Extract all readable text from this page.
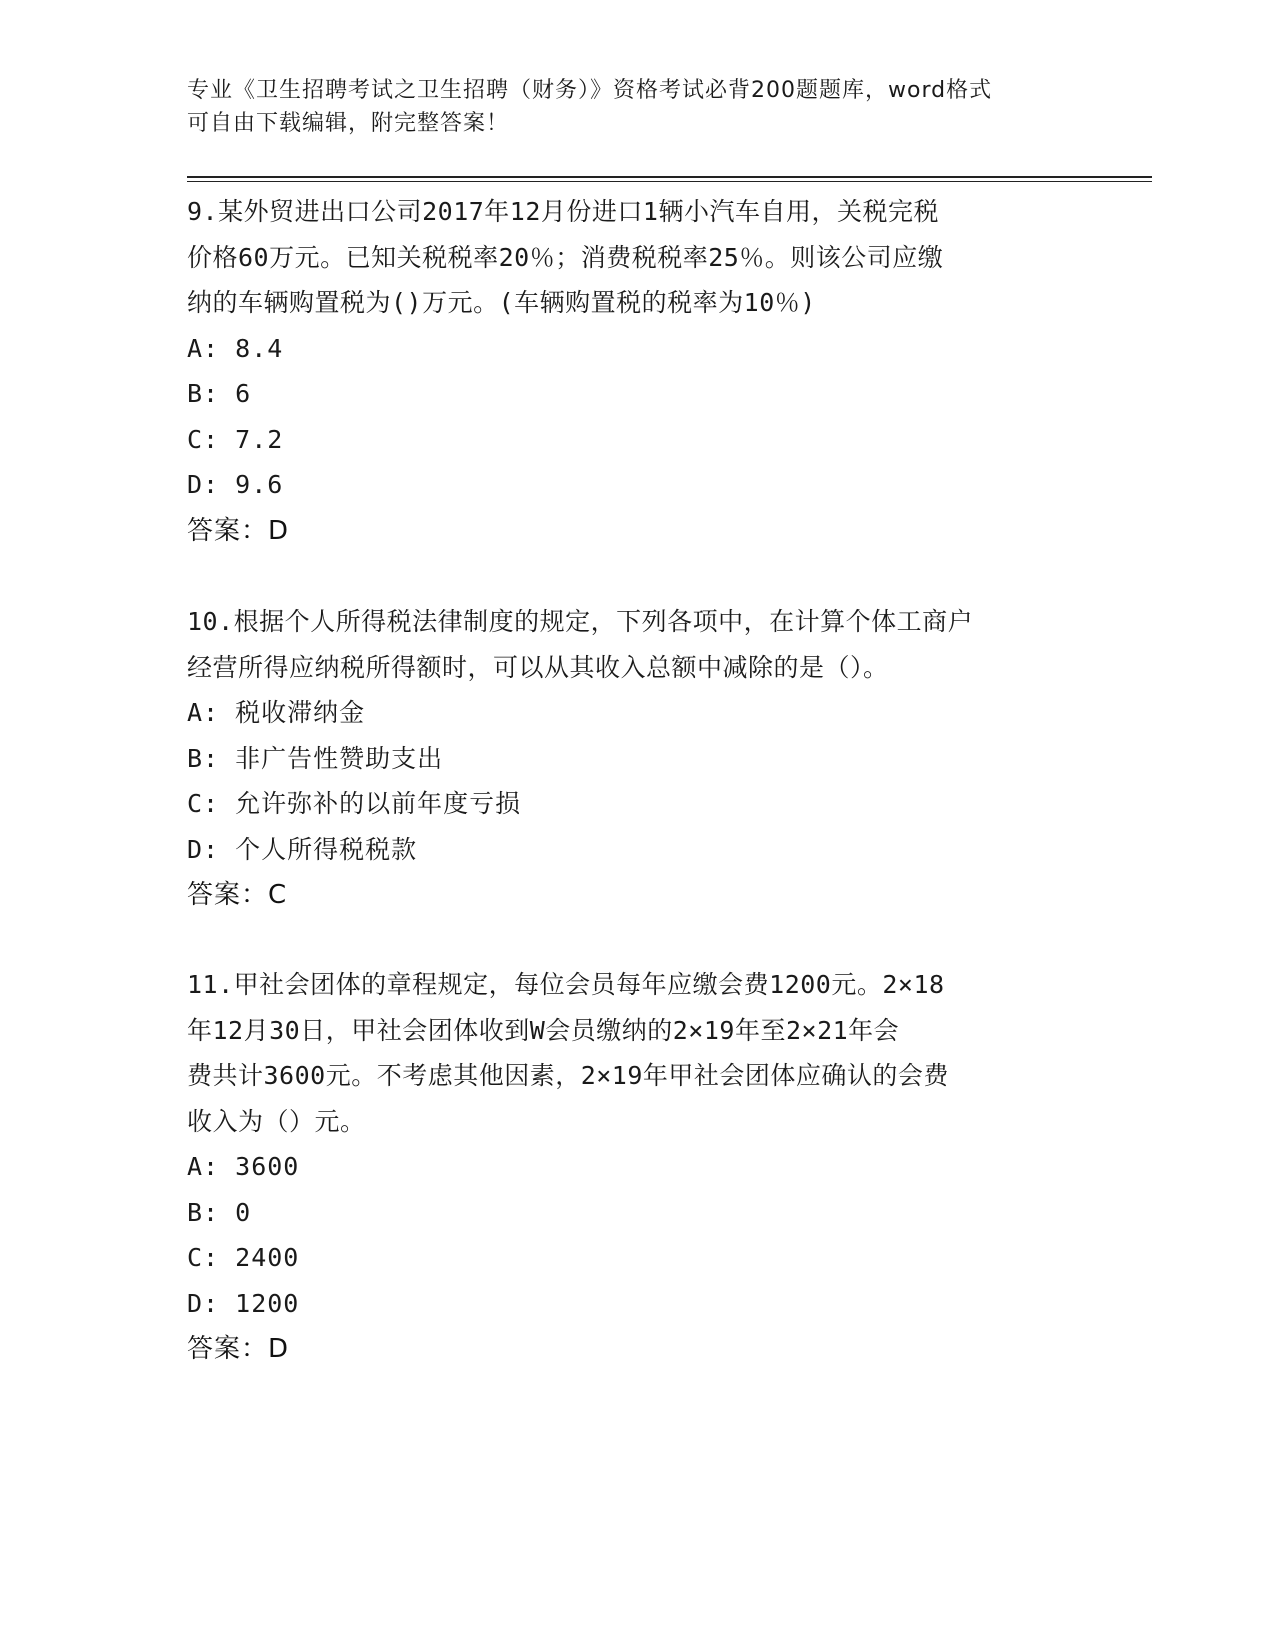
专业《卫生招聘考试之卫生招聘（财务）》资格考试必背200题题库，word格式
可自由下载编辑，附完整答案！
9.某外贸进出口公司2017年12月份进口1辆小汽车自用，关税完税
价格60万元。已知关税税率20％；消费税税率25％。则该公司应缴
纳的车辆购置税为()万元。(车辆购置税的税率为10％)
A: 8.4
B: 6
C: 7.2
D: 9.6
答案：D
10.根据个人所得税法律制度的规定，下列各项中，在计算个体工商户
经营所得应纳税所得额时，可以从其收入总额中减除的是（）。
A: 税收滞纳金
B: 非广告性赞助支出
C: 允许弥补的以前年度亏损
D: 个人所得税税款
答案：C
11.甲社会团体的章程规定，每位会员每年应缴会费1200元。2×18
年12月30日，甲社会团体收到W会员缴纳的2×19年至2×21年会
费共计3600元。不考虑其他因素，2×19年甲社会团体应确认的会费
收入为（）元。
A: 3600
B: 0
C: 2400
D: 1200
答案：D
